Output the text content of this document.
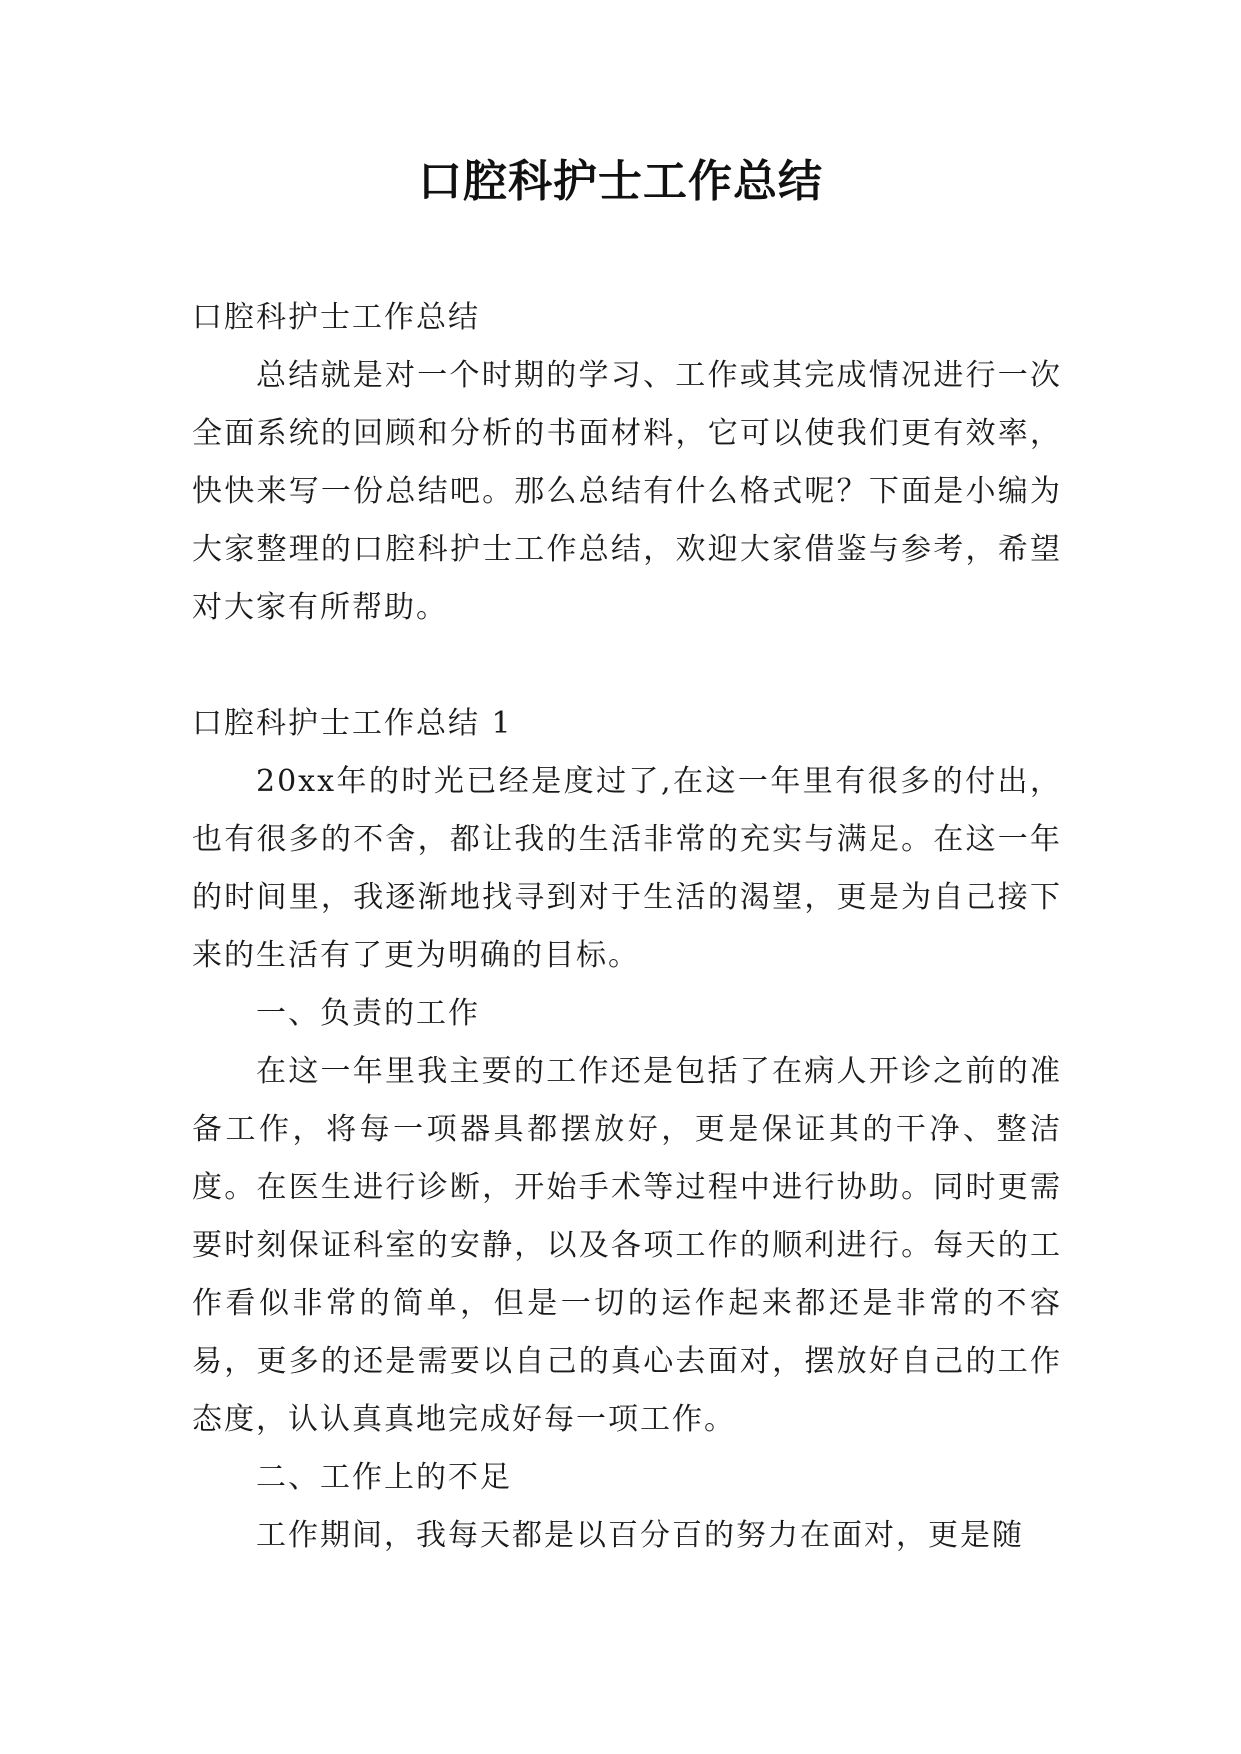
口腔科护士工作总结

口腔科护士工作总结

总结就是对一个时期的学习、工作或其完成情况进行一次全面系统的回顾和分析的书面材料，它可以使我们更有效率，快快来写一份总结吧。那么总结有什么格式呢？下面是小编为大家整理的口腔科护士工作总结，欢迎大家借鉴与参考，希望对大家有所帮助。

口腔科护士工作总结 1

20xx年的时光已经是度过了,在这一年里有很多的付出，也有很多的不舍，都让我的生活非常的充实与满足。在这一年的时间里，我逐渐地找寻到对于生活的渴望，更是为自己接下来的生活有了更为明确的目标。

一、负责的工作

在这一年里我主要的工作还是包括了在病人开诊之前的准备工作，将每一项器具都摆放好，更是保证其的干净、整洁度。在医生进行诊断，开始手术等过程中进行协助。同时更需要时刻保证科室的安静，以及各项工作的顺利进行。每天的工作看似非常的简单，但是一切的运作起来都还是非常的不容易，更多的还是需要以自己的真心去面对，摆放好自己的工作态度，认认真真地完成好每一项工作。

二、工作上的不足

工作期间，我每天都是以百分百的努力在面对，更是随
